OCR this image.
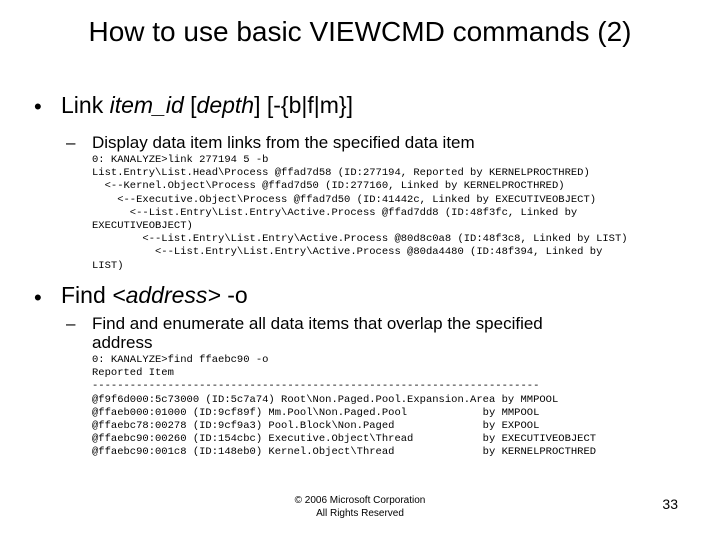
How to use basic VIEWCMD commands (2)
• Link item_id [depth] [-{b|f|m}]
– Display data item links from the specified data item
0: KANALYZE>link 277194 5 -b
List.Entry\List.Head\Process @ffad7d58 (ID:277194, Reported by KERNELPROCTHRED)
<--Kernel.Object\Process @ffad7d50 (ID:277160, Linked by KERNELPROCTHRED)
<--Executive.Object\Process @ffad7d50 (ID:41442c, Linked by EXECUTIVEOBJECT)
<--List.Entry\List.Entry\Active.Process @ffad7dd8 (ID:48f3fc, Linked by
EXECUTIVEOBJECT)
<--List.Entry\List.Entry\Active.Process @80d8c0a8 (ID:48f3c8, Linked by LIST)
<--List.Entry\List.Entry\Active.Process @80da4480 (ID:48f394, Linked by
LIST)
• Find <address> -o
– Find and enumerate all data items that overlap the specified
address
0: KANALYZE>find ffaebc90 -o
Reported Item
-----------------------------------------------------------------------
@f9f6d000:5c73000 (ID:5c7a74) Root\Non.Paged.Pool.Expansion.Area by MMPOOL
@ffaeb000:01000 (ID:9cf89f) Mm.Pool\Non.Paged.Pool            by MMPOOL
@ffaebc78:00278 (ID:9cf9a3) Pool.Block\Non.Paged              by EXPOOL
@ffaebc90:00260 (ID:154cbc) Executive.Object\Thread           by EXECUTIVEOBJECT
@ffaebc90:001c8 (ID:148eb0) Kernel.Object\Thread              by KERNELPROCTHRED
© 2006 Microsoft Corporation
All Rights Reserved
33
